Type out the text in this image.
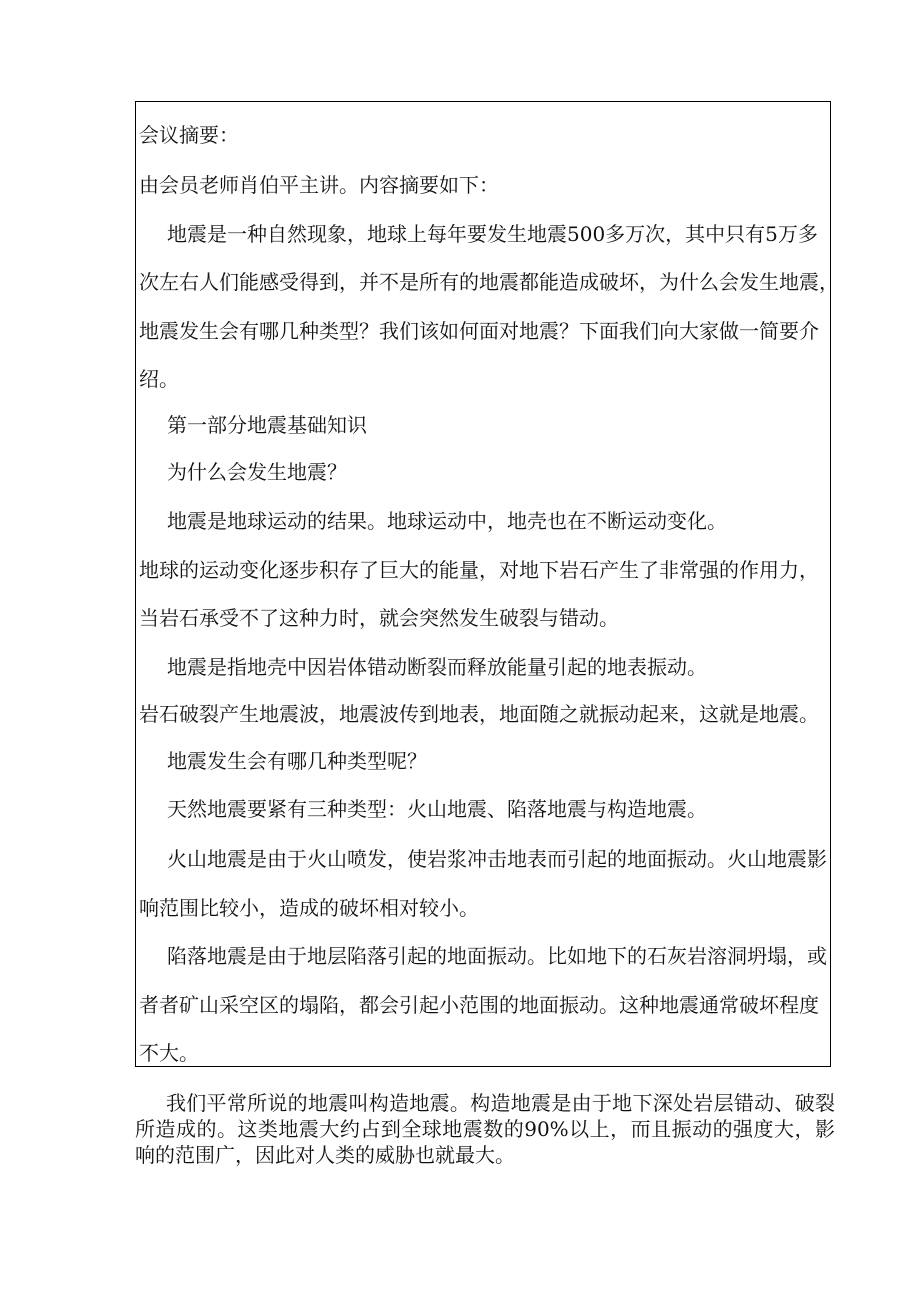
会议摘要：
由会员老师肖伯平主讲。内容摘要如下：
地震是一种自然现象，地球上每年要发生地震500多万次，其中只有5万多
次左右人们能感受得到，并不是所有的地震都能造成破坏，为什么会发生地震，
地震发生会有哪几种类型？我们该如何面对地震？下面我们向大家做一简要介
绍。
第一部分地震基础知识
为什么会发生地震？
地震是地球运动的结果。地球运动中，地壳也在不断运动变化。
地球的运动变化逐步积存了巨大的能量，对地下岩石产生了非常强的作用力，
当岩石承受不了这种力时，就会突然发生破裂与错动。
地震是指地壳中因岩体错动断裂而释放能量引起的地表振动。
岩石破裂产生地震波，地震波传到地表，地面随之就振动起来，这就是地震。
地震发生会有哪几种类型呢？
天然地震要紧有三种类型：火山地震、陷落地震与构造地震。
火山地震是由于火山喷发，使岩浆冲击地表而引起的地面振动。火山地震影
响范围比较小，造成的破坏相对较小。
陷落地震是由于地层陷落引起的地面振动。比如地下的石灰岩溶洞坍塌，或
者者矿山采空区的塌陷，都会引起小范围的地面振动。这种地震通常破坏程度
不大。

我们平常所说的地震叫构造地震。构造地震是由于地下深处岩层错动、破裂所造成的。这类地震大约占到全球地震数的90%以上，而且振动的强度大，影响的范围广，因此对人类的威胁也就最大。
